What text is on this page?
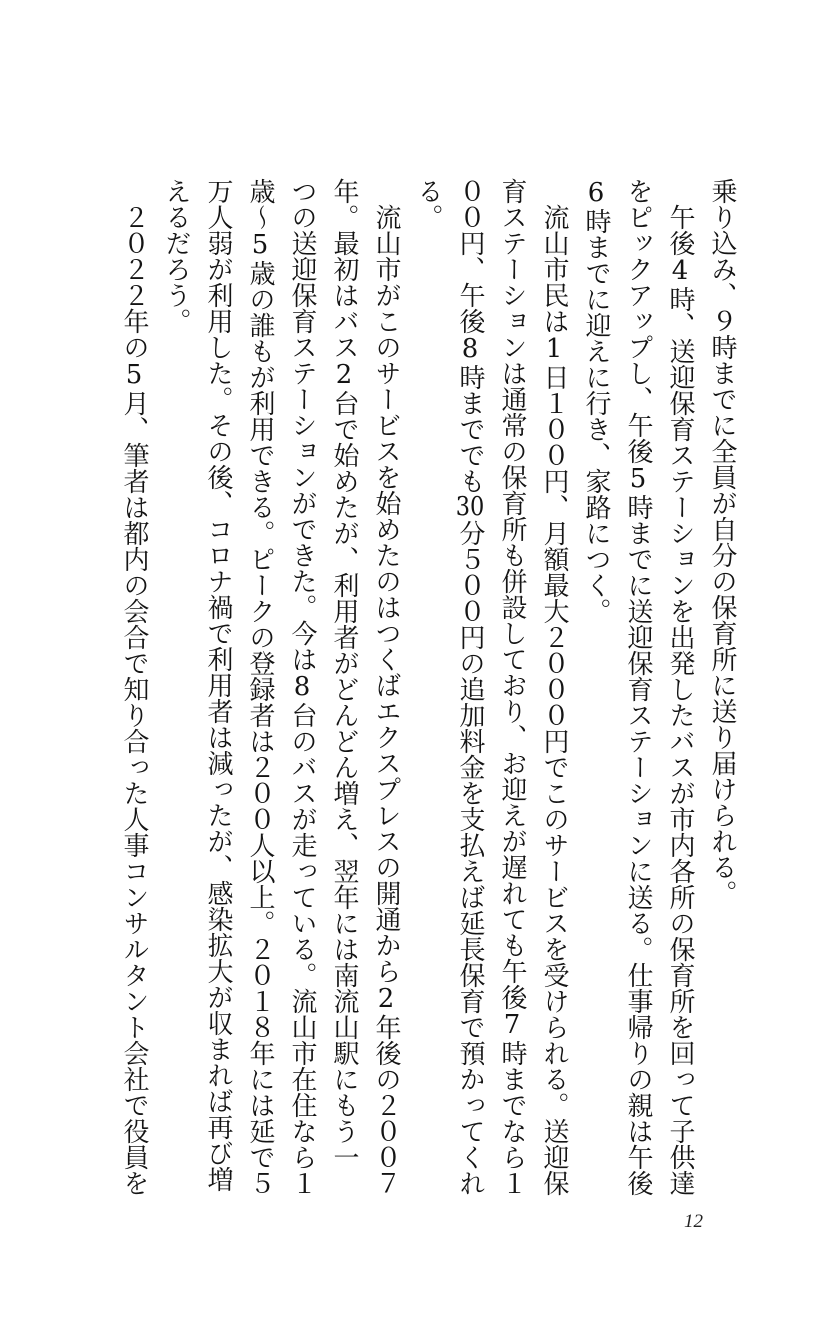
乗り込み、９時までに全員が自分の保育所に送り届けられる。
　午後4時、送迎保育ステーションを出発したバスが市内各所の保育所を回って子供達
をピックアップし、午後5時までに送迎保育ステーションに送る。仕事帰りの親は午後
6時までに迎えに行き、家路につく。
　流山市民は1日１００円、月額最大２０００円でこのサービスを受けられる。送迎保
育ステーションは通常の保育所も併設しており、お迎えが遅れても午後7時までなら１
００円、午後8時まででも30分５００円の追加料金を支払えば延長保育で預かってくれ
る。
　流山市がこのサービスを始めたのはつくばエクスプレスの開通から2年後の２００７
年。最初はバス2台で始めたが、利用者がどんどん増え、翌年には南流山駅にもう一
つの送迎保育ステーションができた。今は8台のバスが走っている。流山市在住なら１
歳～5歳の誰もが利用できる。ピークの登録者は２００人以上。２０１８年には延で５
万人弱が利用した。その後、コロナ禍で利用者は減ったが、感染拡大が収まれば再び増
えるだろう。
　２０２２年の5月、筆者は都内の会合で知り合った人事コンサルタント会社で役員を
12
